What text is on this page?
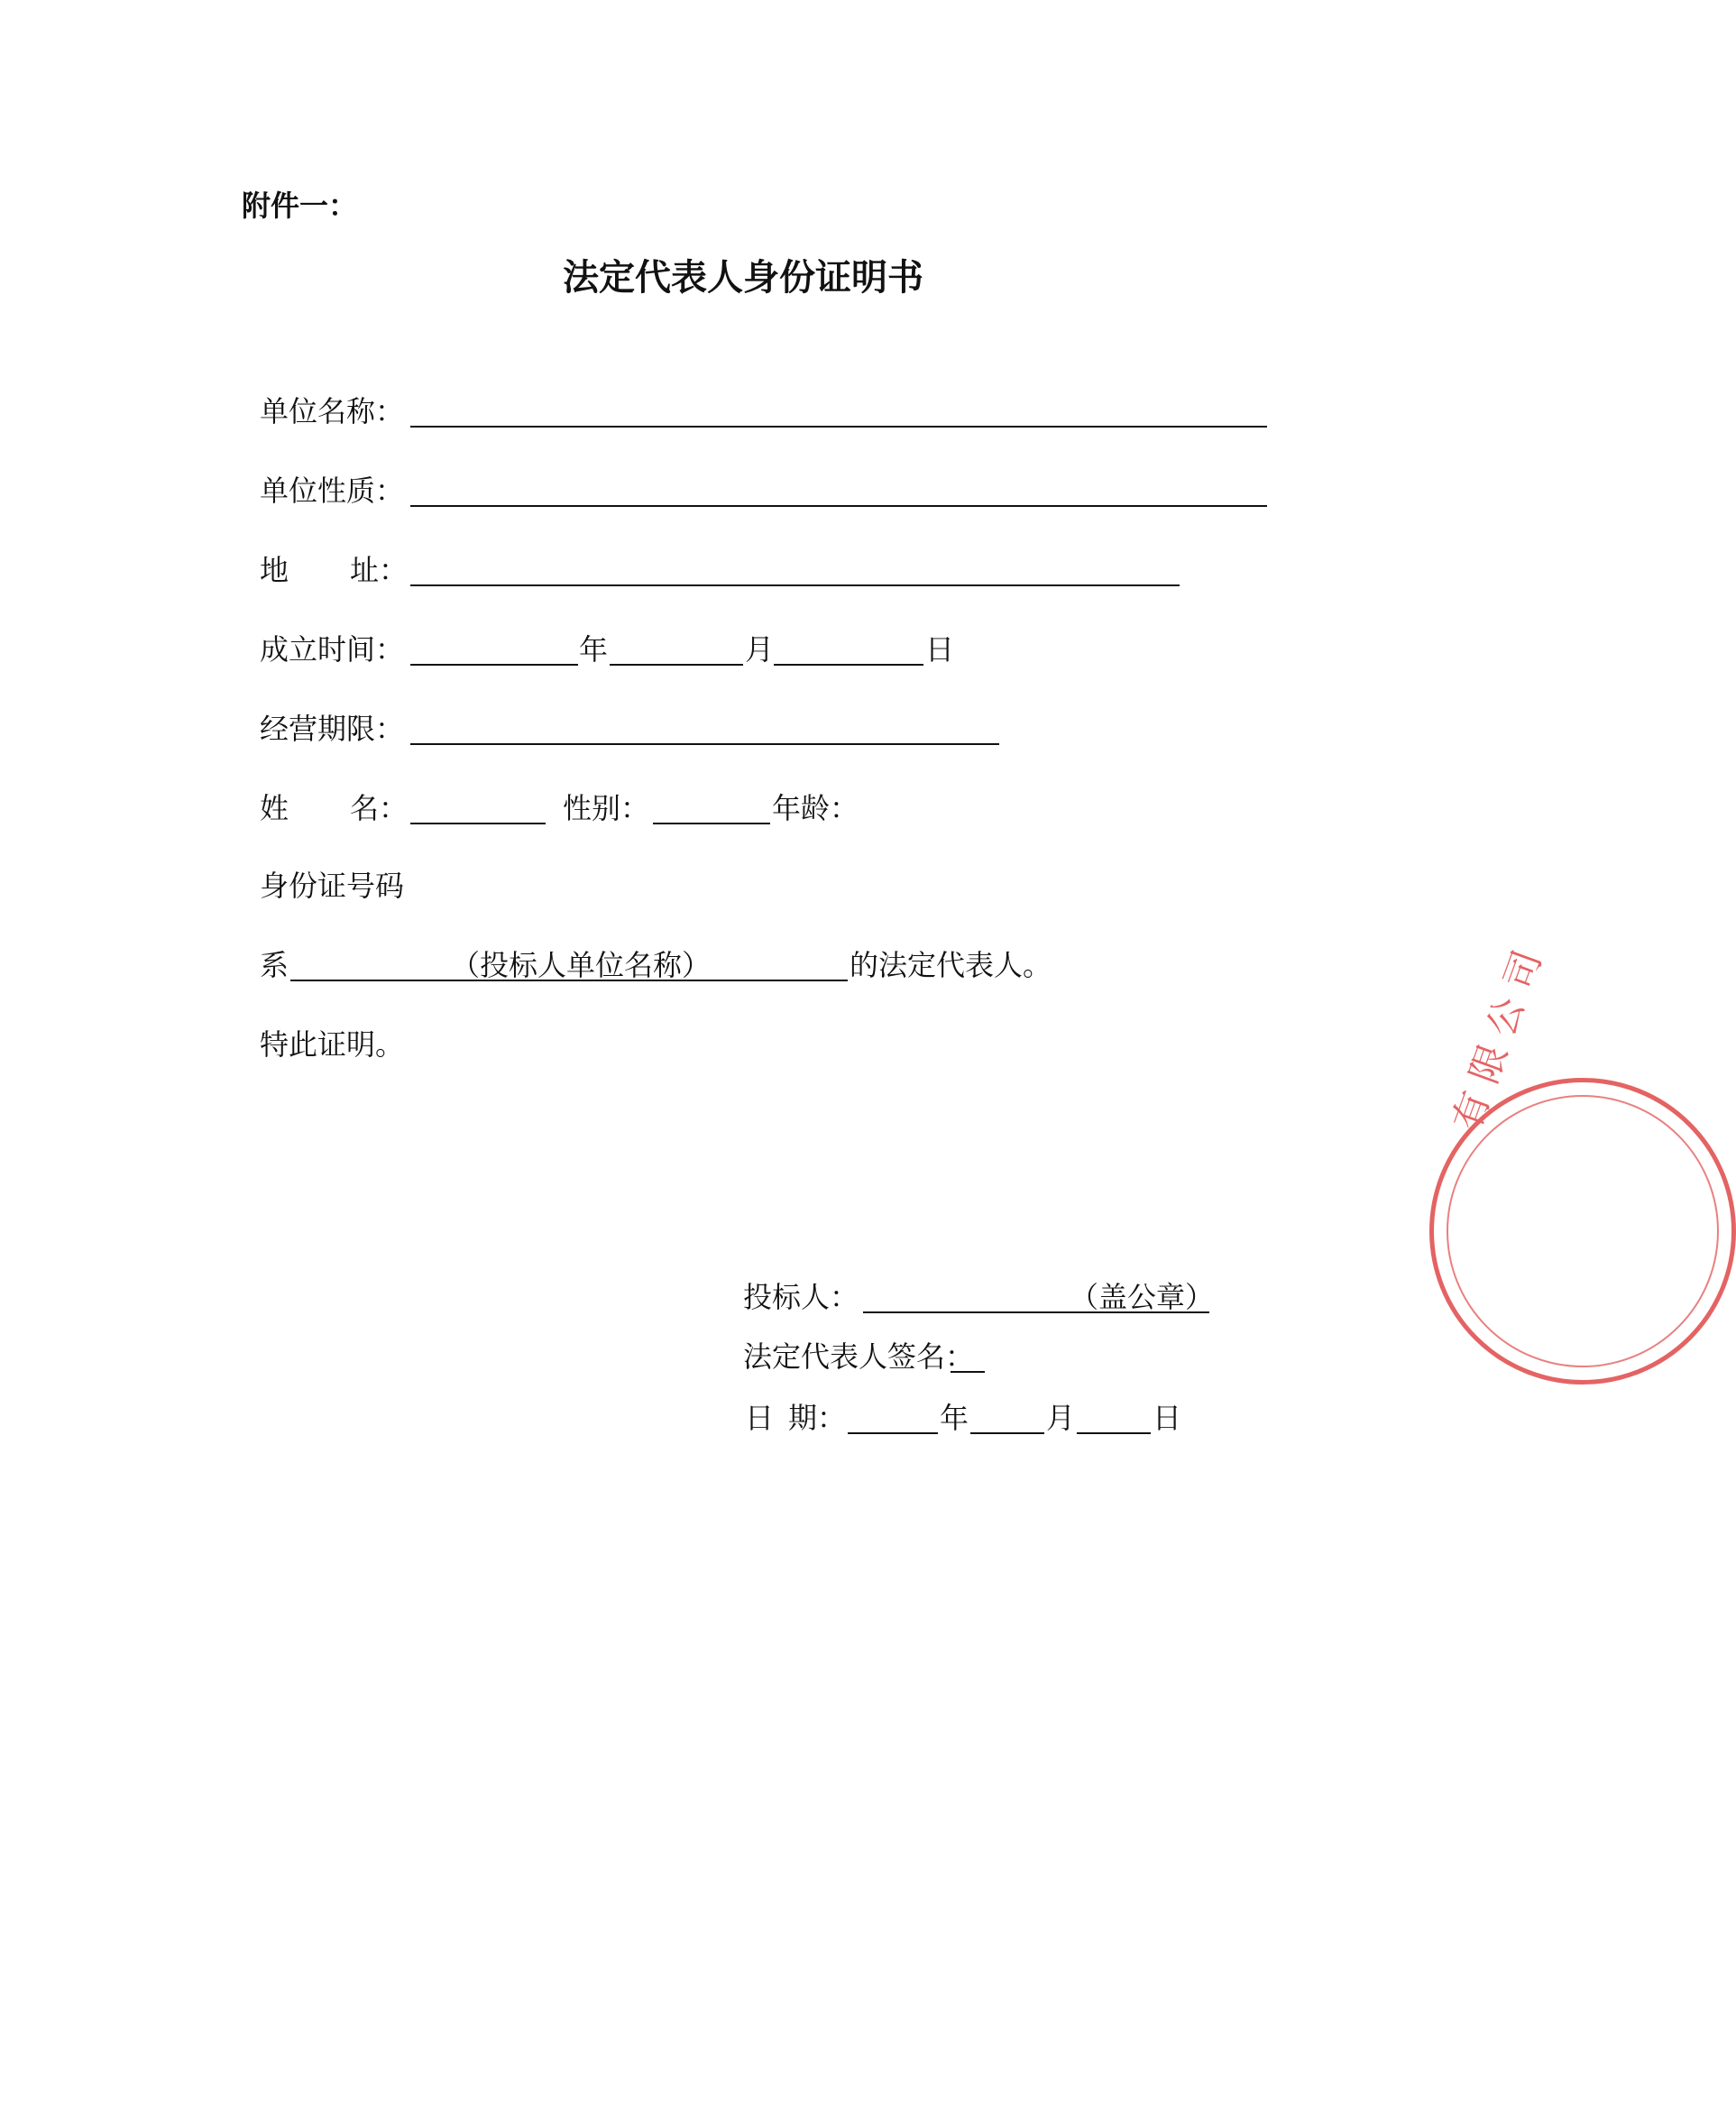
附件一：
法定代表人身份证明书
单位名称：
单位性质：
地 址：
成立时间：	年	月	日
经营期限：
姓 名：	性别：	年龄：
身份证号码
系	（投标人单位名称）	的法定代表人。
特此证明。
投标人：	（盖公章）
法定代表人签名：
日 期：	年	月	日
有 限 公 司
